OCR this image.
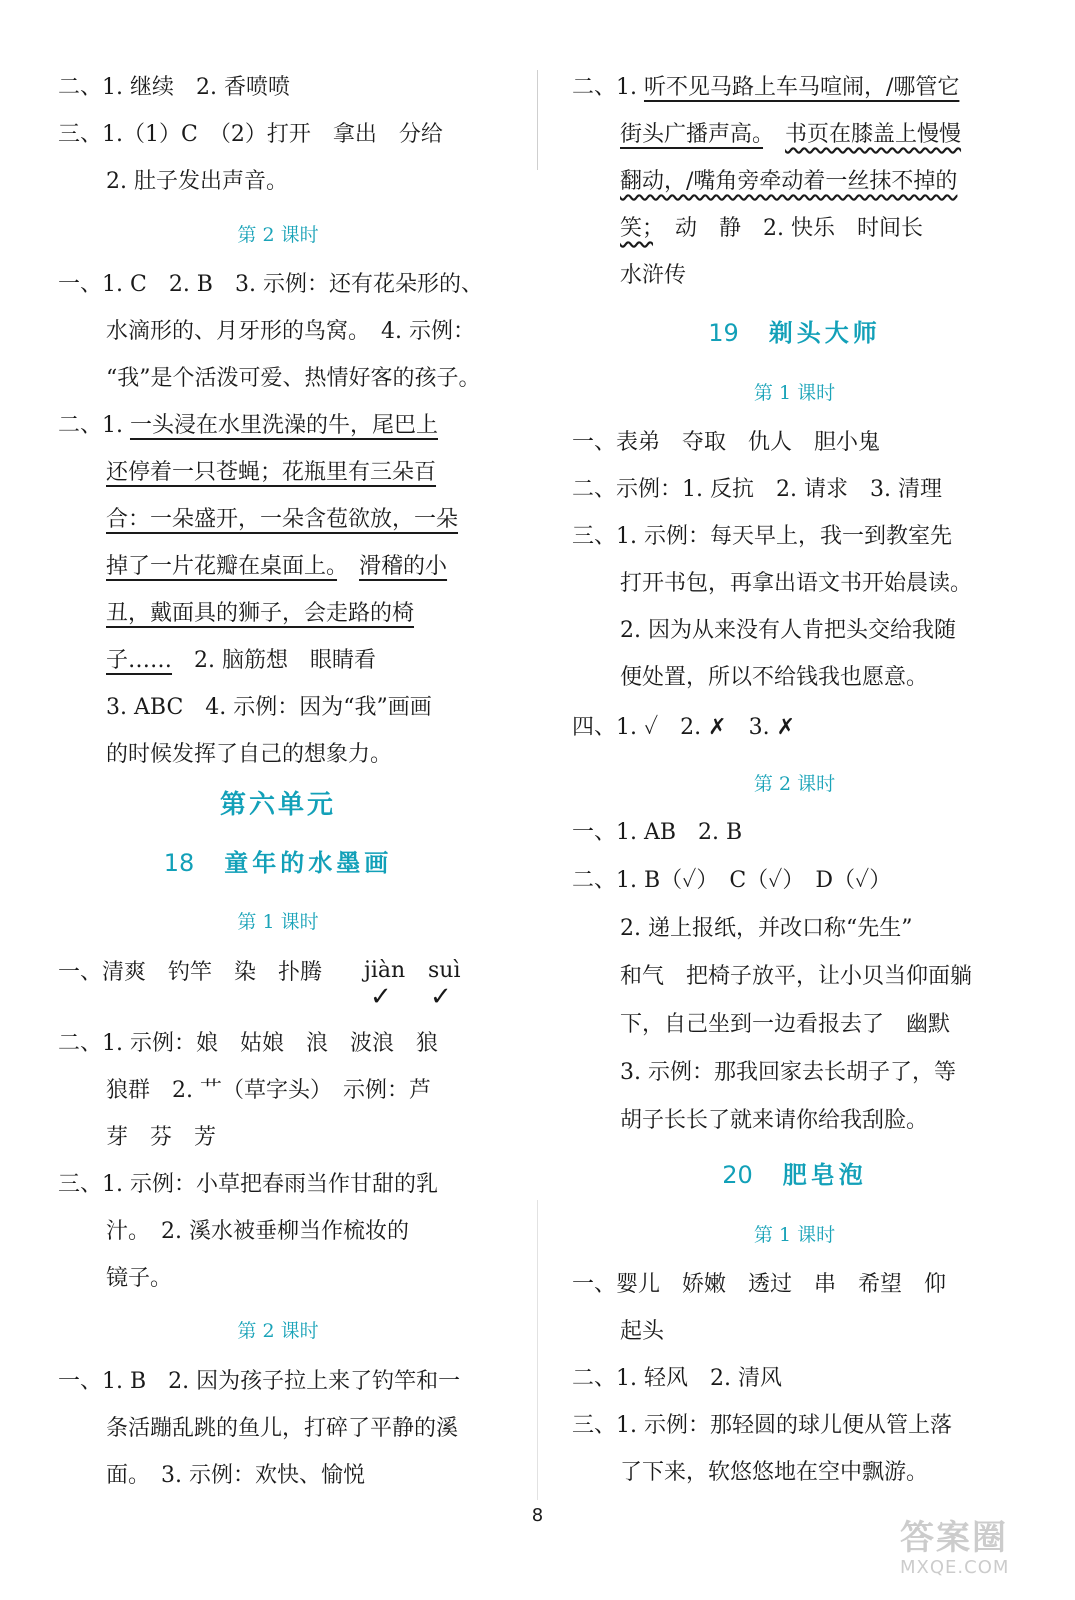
二、1. 继续　2. 香喷喷
三、1.（1）C　（2）打开　拿出　分给
2. 肚子发出声音。
第 2 课时
一、1. C　2. B　3. 示例：还有花朵形的、
水滴形的、月牙形的鸟窝。　4. 示例：
“我”是个活泼可爱、热情好客的孩子。
二、1. 一头浸在水里洗澡的牛，尾巴上
还停着一只苍蝇；花瓶里有三朵百
合：一朵盛开，一朵含苞欲放，一朵
掉了一片花瓣在桌面上。　 滑稽的小
丑，戴面具的狮子，会走路的椅
子……　2. 脑筋想　眼睛看
3. ABC　4. 示例：因为“我”画画
的时候发挥了自己的想象力。
第六单元
18 童年的水墨画
第 1 课时
一、清爽　钓竿　染　扑腾	jiàn suì
✓ ✓
二、1. 示例：娘　姑娘　浪　波浪　狼
狼群　2. 艹（草字头）　示例：芦
芽　芬　芳
三、1. 示例：小草把春雨当作甘甜的乳
汁。　2. 溪水被垂柳当作梳妆的
镜子。
第 2 课时
一、1. B　2. 因为孩子拉上来了钓竿和一
条活蹦乱跳的鱼儿，打碎了平静的溪
面。　3. 示例：欢快、愉悦
二、1. 听不见马路上车马喧闹，/哪管它
街头广播声高。　 书页在膝盖上慢慢
翻动，/嘴角旁牵动着一丝抹不掉的
笑；　动　静　2. 快乐　时间长
水浒传
19 剃头大师
第 1 课时
一、表弟　夺取　仇人　胆小鬼
二、示例：1. 反抗　2. 请求　3. 清理
三、1. 示例：每天早上，我一到教室先
打开书包，再拿出语文书开始晨读。
2. 因为从来没有人肯把头交给我随
便处置，所以不给钱我也愿意。
四、1. ✓　2. ✗　3. ✗
第 2 课时
一、1. AB　2. B
二、1. B（✓）　C（✓）　D（✓）
2. 递上报纸，并改口称“先生”
和气　把椅子放平，让小贝当仰面躺
下，自己坐到一边看报去了　幽默
3. 示例：那我回家去长胡子了，等
胡子长长了就来请你给我刮脸。
20 肥皂泡
第 1 课时
一、婴儿　娇嫩　透过　串　希望　仰
起头
二、1. 轻风　2. 清风
三、1. 示例：那轻圆的球儿便从管上落
了下来，软悠悠地在空中飘游。
8
答案圈
MXQE.COM
